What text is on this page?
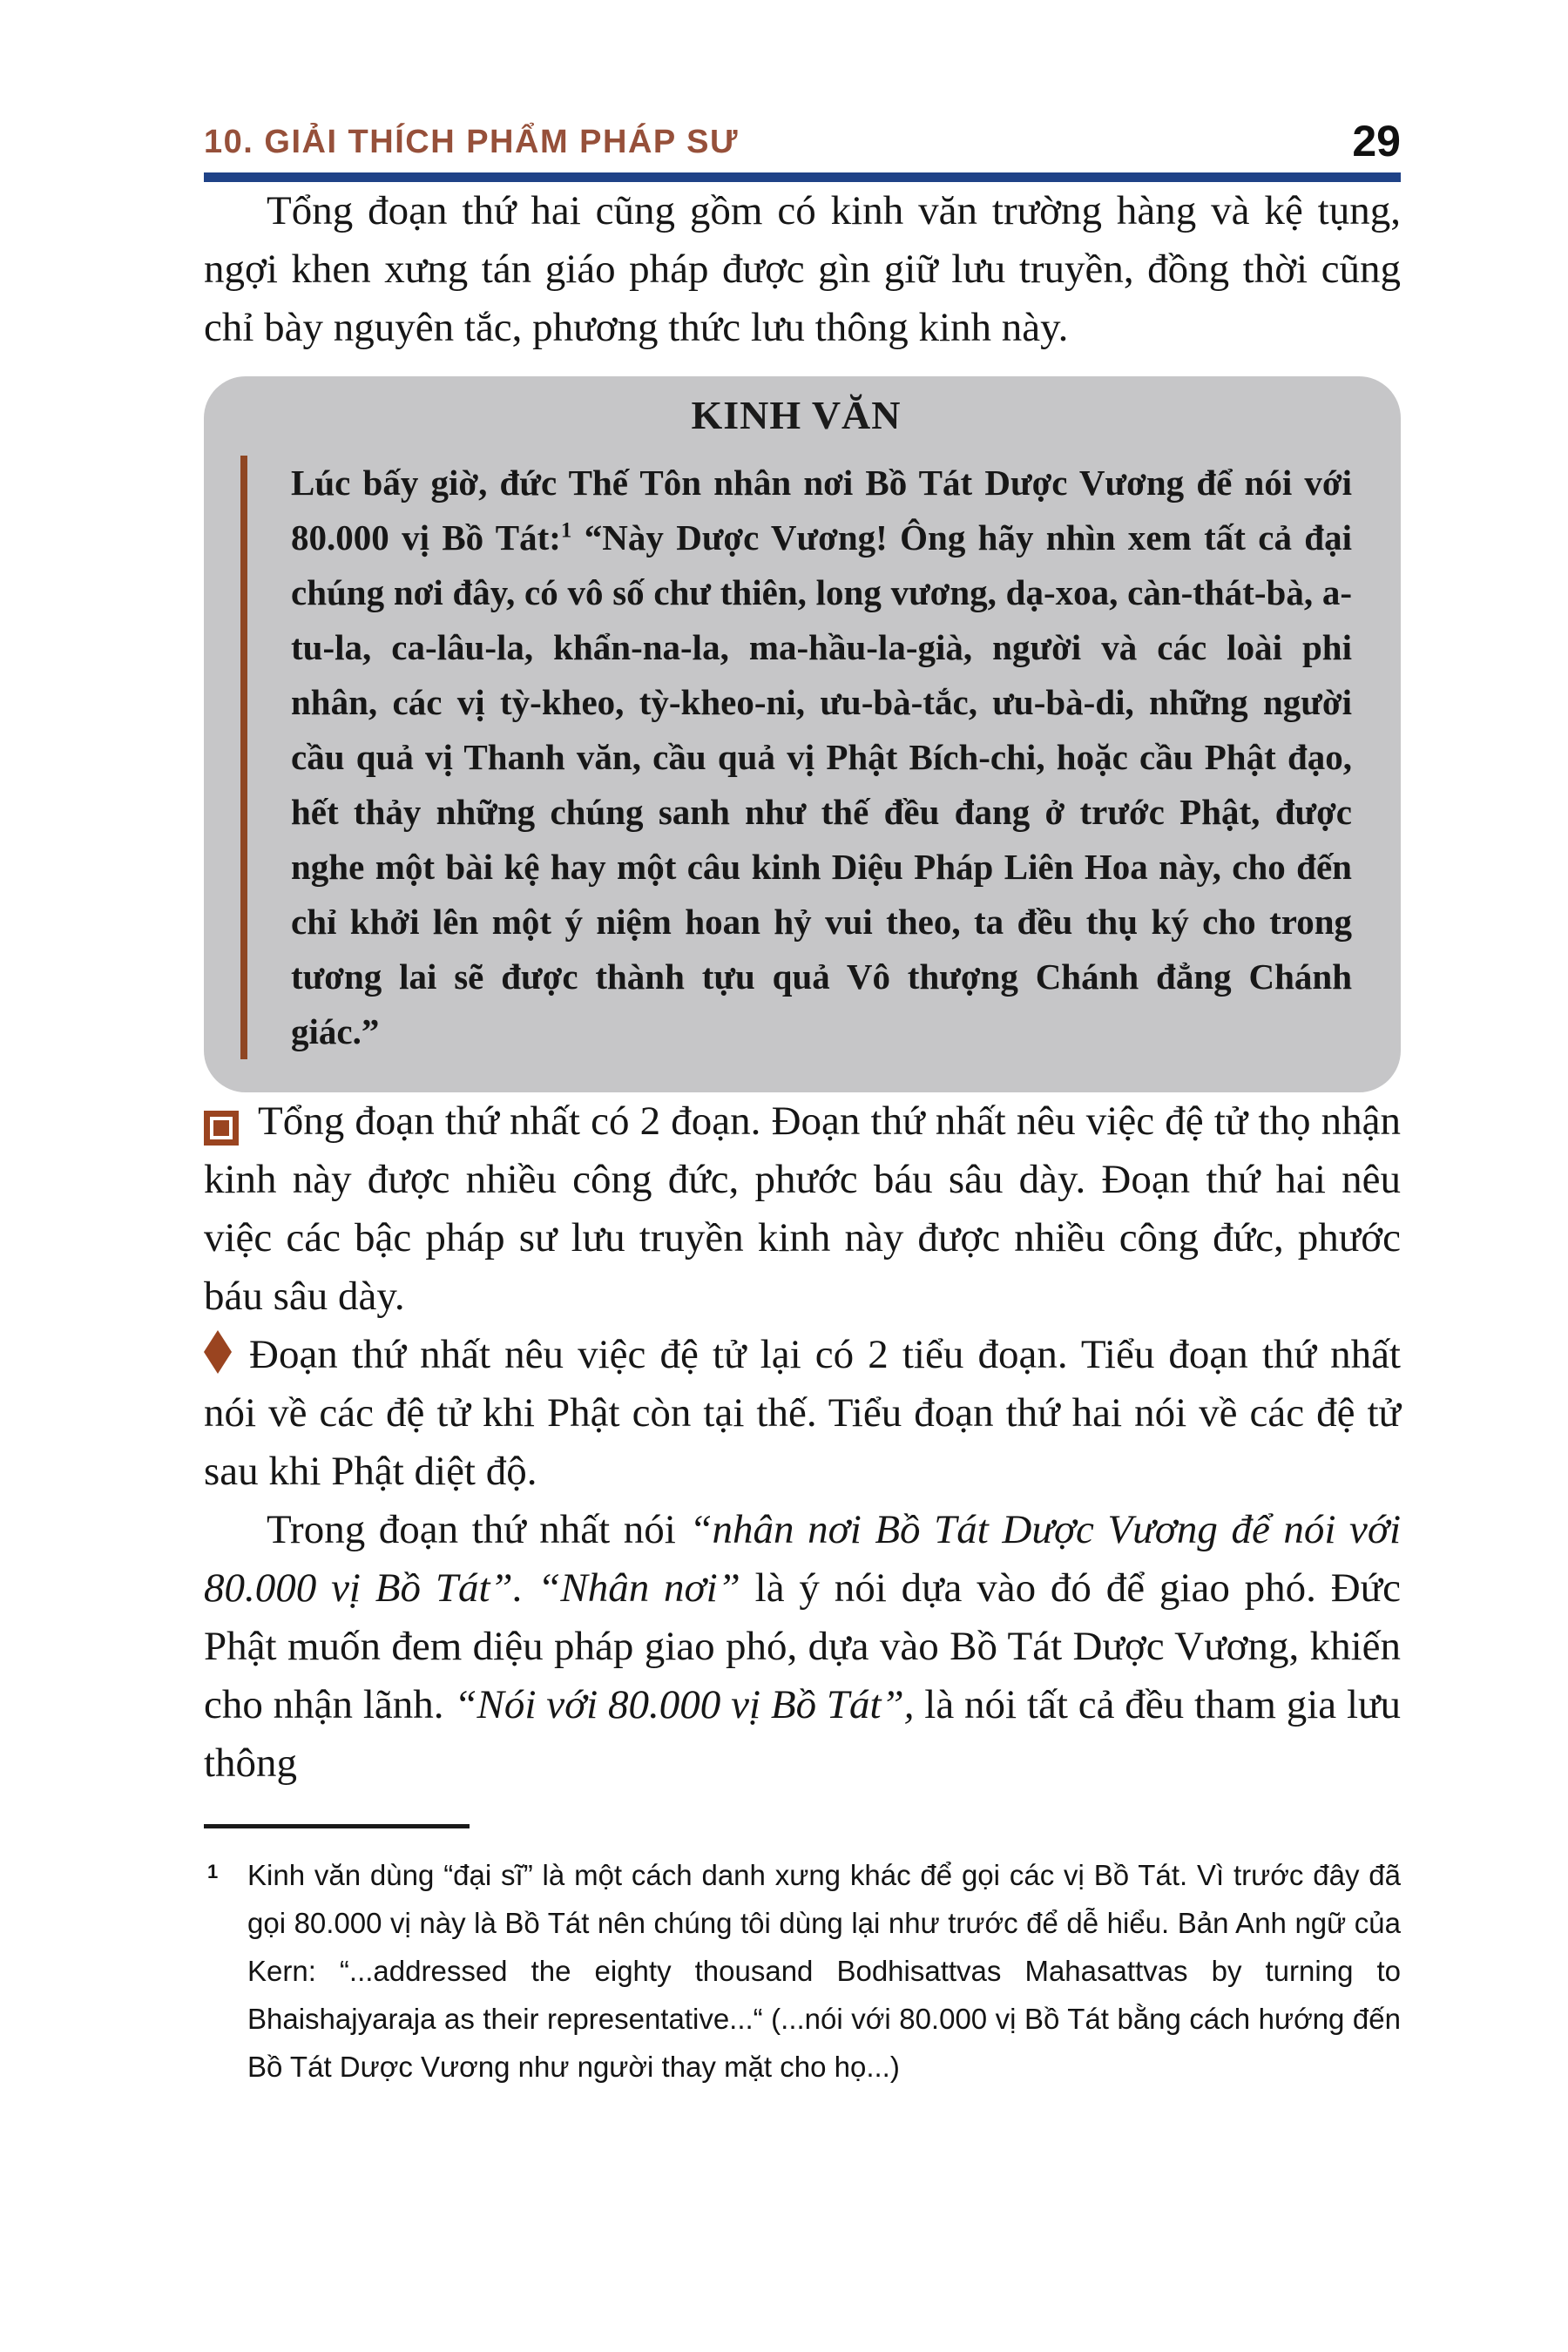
10. GIẢI THÍCH PHẨM PHÁP SƯ	29

Tổng đoạn thứ hai cũng gồm có kinh văn trường hàng và kệ tụng, ngợi khen xưng tán giáo pháp được gìn giữ lưu truyền, đồng thời cũng chỉ bày nguyên tắc, phương thức lưu thông kinh này.

KINH VĂN
Lúc bấy giờ, đức Thế Tôn nhân nơi Bồ Tát Dược Vương để nói với 80.000 vị Bồ Tát:$^1$ “Này Dược Vương! Ông hãy nhìn xem tất cả đại chúng nơi đây, có vô số chư thiên, long vương, dạ-xoa, càn-thát-bà, a-tu-la, ca-lâu-la, khẩn-na-la, ma-hầu-la-già, người và các loài phi nhân, các vị tỳ-kheo, tỳ-kheo-ni, ưu-bà-tắc, ưu-bà-di, những người cầu quả vị Thanh văn, cầu quả vị Phật Bích-chi, hoặc cầu Phật đạo, hết thảy những chúng sanh như thế đều đang ở trước Phật, được nghe một bài kệ hay một câu kinh Diệu Pháp Liên Hoa này, cho đến chỉ khởi lên một ý niệm hoan hỷ vui theo, ta đều thụ ký cho trong tương lai sẽ được thành tựu quả Vô thượng Chánh đẳng Chánh giác.”

Tổng đoạn thứ nhất có 2 đoạn. Đoạn thứ nhất nêu việc đệ tử thọ nhận kinh này được nhiều công đức, phước báu sâu dày. Đoạn thứ hai nêu việc các bậc pháp sư lưu truyền kinh này được nhiều công đức, phước báu sâu dày.

Đoạn thứ nhất nêu việc đệ tử lại có 2 tiểu đoạn. Tiểu đoạn thứ nhất nói về các đệ tử khi Phật còn tại thế. Tiểu đoạn thứ hai nói về các đệ tử sau khi Phật diệt độ.

Trong đoạn thứ nhất nói “nhân nơi Bồ Tát Dược Vương để nói với 80.000 vị Bồ Tát”. “Nhân nơi” là ý nói dựa vào đó để giao phó. Đức Phật muốn đem diệu pháp giao phó, dựa vào Bồ Tát Dược Vương, khiến cho nhận lãnh. “Nói với 80.000 vị Bồ Tát”, là nói tất cả đều tham gia lưu thông

1 Kinh văn dùng “đại sĩ” là một cách danh xưng khác để gọi các vị Bồ Tát. Vì trước đây đã gọi 80.000 vị này là Bồ Tát nên chúng tôi dùng lại như trước để dễ hiểu. Bản Anh ngữ của Kern: “...addressed the eighty thousand Bodhisattvas Mahasattvas by turning to Bhaishajyaraja as their representative...“ (...nói với 80.000 vị Bồ Tát bằng cách hướng đến Bồ Tát Dược Vương như người thay mặt cho họ...)
